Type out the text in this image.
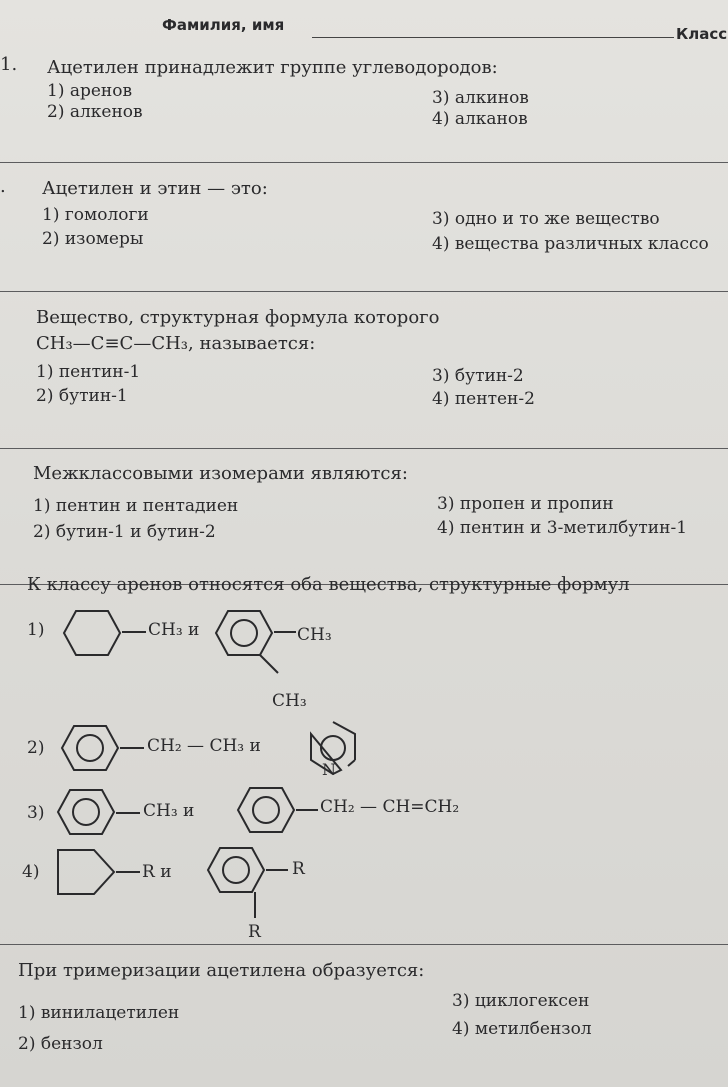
Фамилия, имя	Класс
1. Ацетилен принадлежит группе углеводородов:
1) аренов
2) алкенов
3) алкинов
4) алканов
. Ацетилен и этин — это:
1) гомологи
2) изомеры
3) одно и то же вещество
4) вещества различных классо
Вещество, структурная формула которого
CH₃—C≡C—CH₃, называется:
1) пентин-1
2) бутин-1
3) бутин-2
4) пентен-2
Межклассовыми изомерами являются:
1) пентин и пентадиен
2) бутин-1 и бутин-2
3) пропен и пропин
4) пентин и 3-метилбутин-1
К классу аренов относятся оба вещества, структурные формул
1)	CH₃ и	CH₃
CH₃
2)	CH₂ — CH₃ и
N
3)	CH₃ и	CH₂ — CH=CH₂
4)	R и	R
R
При тримеризации ацетилена образуется:
1) винилацетилен
2) бензол
3) циклогексен
4) метилбензол
